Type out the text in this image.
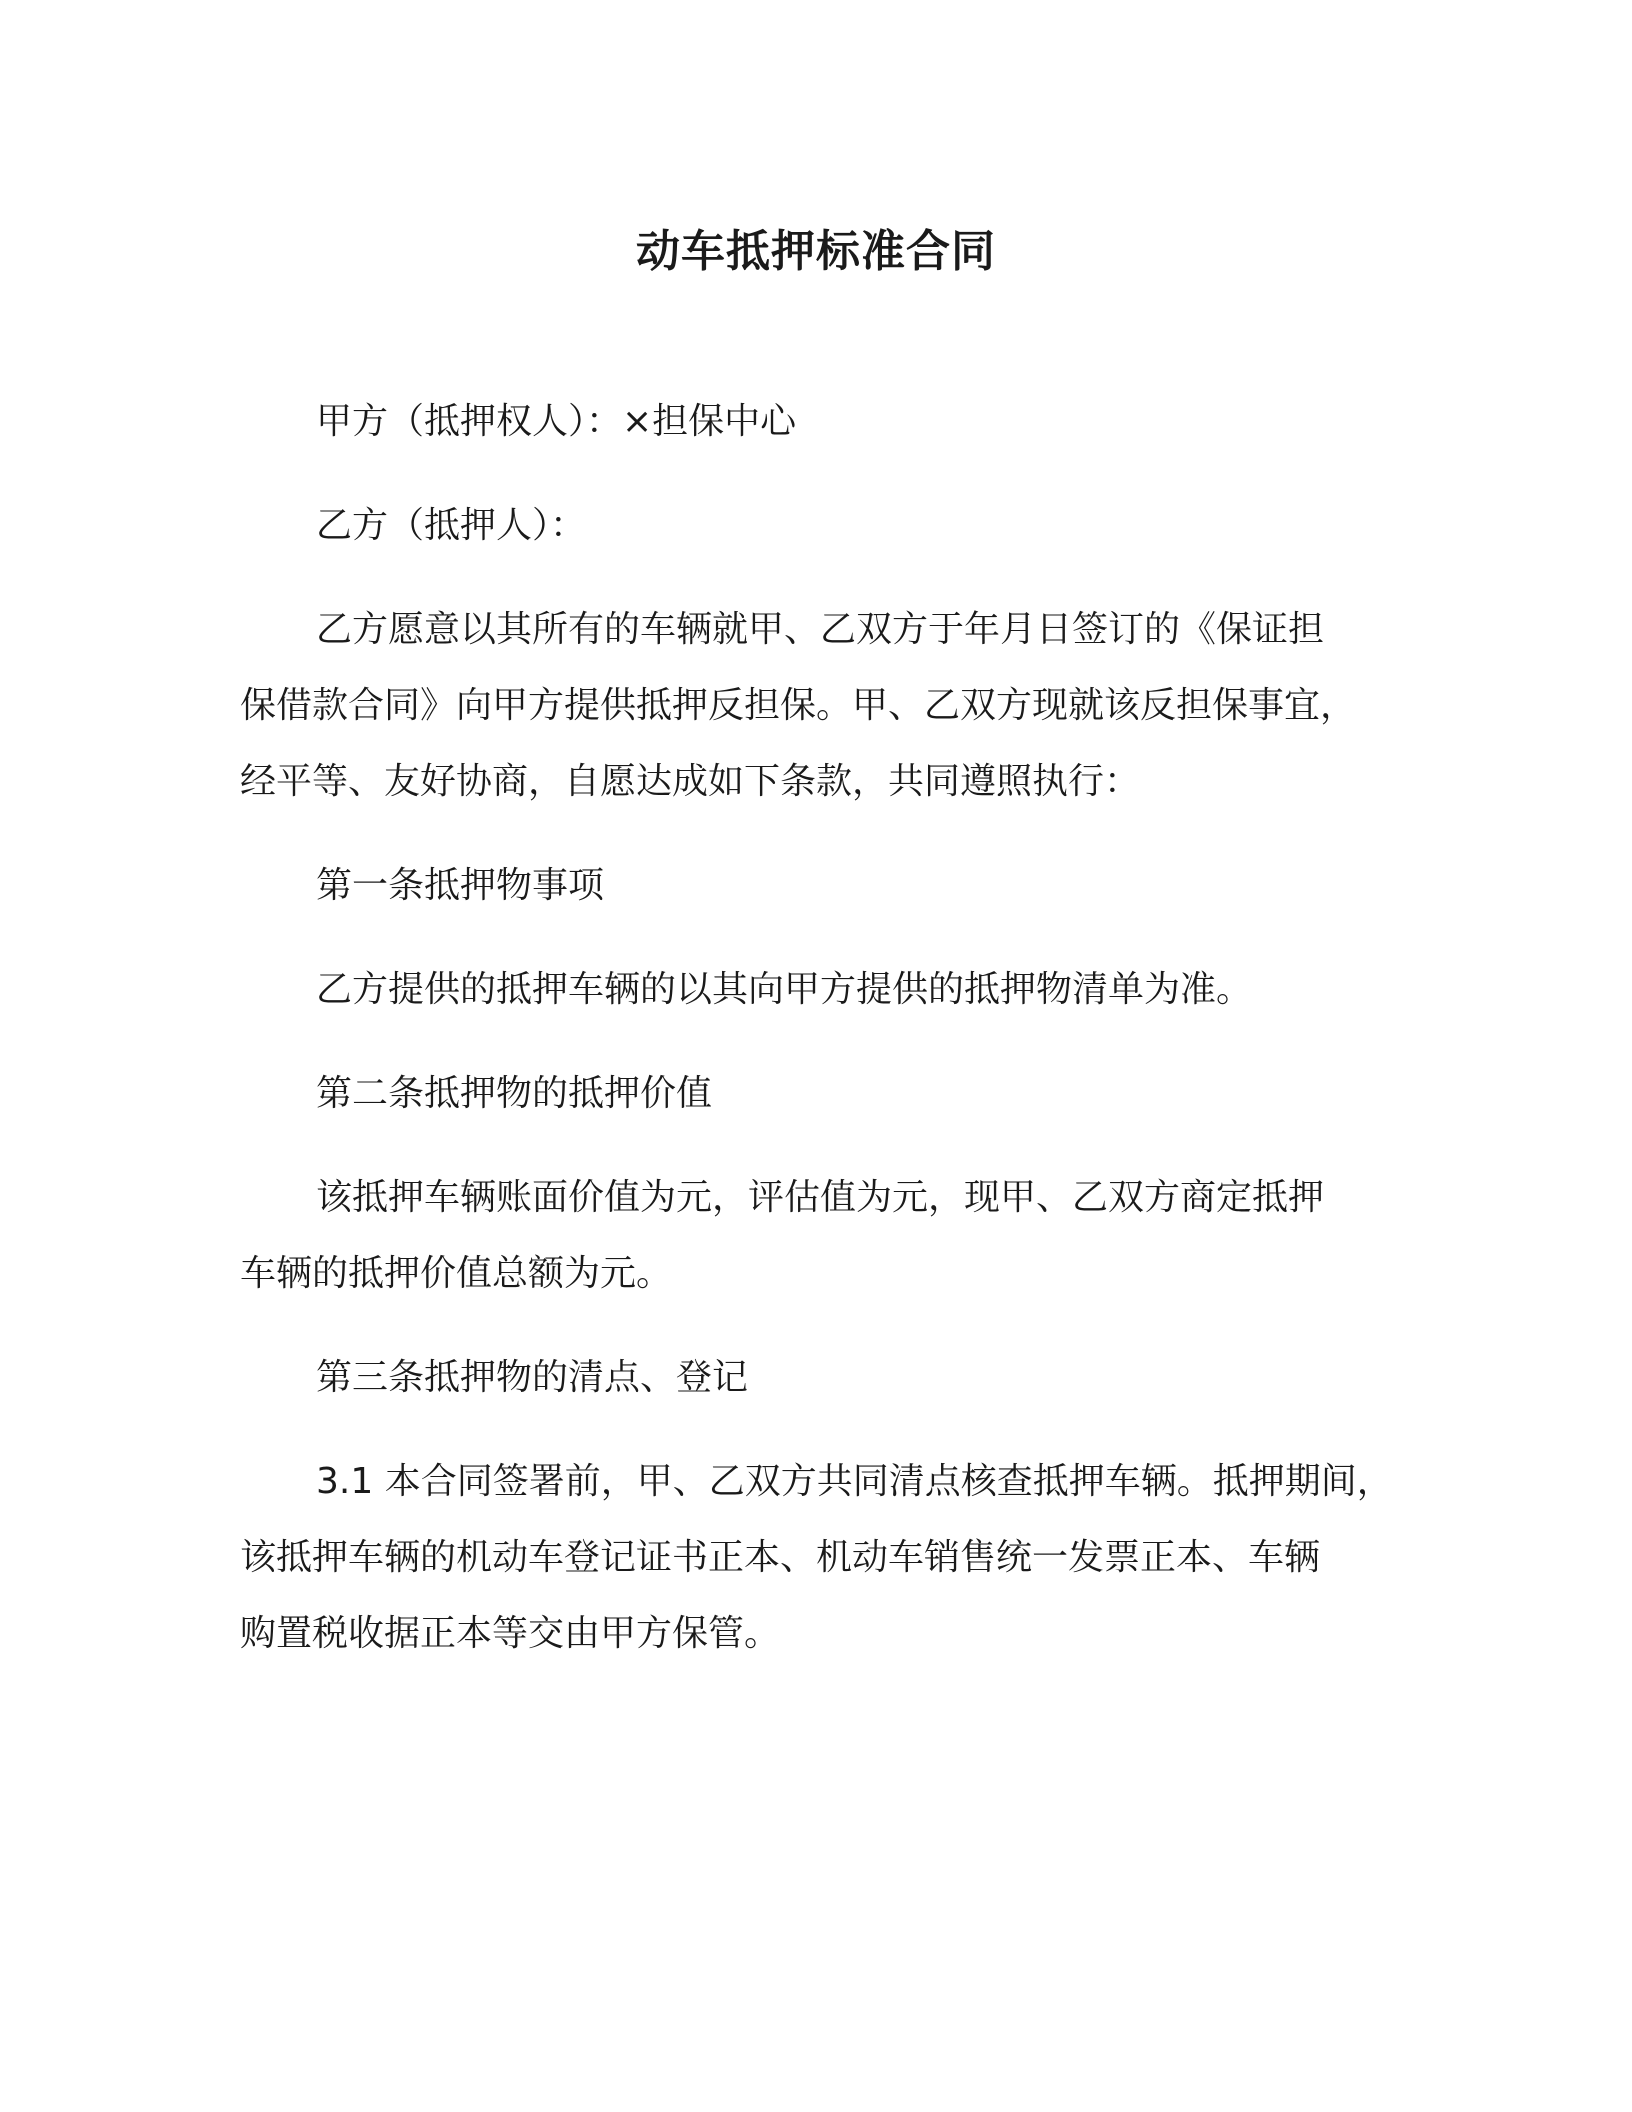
动车抵押标准合同
甲方（抵押权人）：×担保中心
乙方（抵押人）：
乙方愿意以其所有的车辆就甲、乙双方于年月日签订的《保证担
保借款合同》向甲方提供抵押反担保。甲、乙双方现就该反担保事宜，
经平等、友好协商，自愿达成如下条款，共同遵照执行：
第一条抵押物事项
乙方提供的抵押车辆的以其向甲方提供的抵押物清单为准。
第二条抵押物的抵押价值
该抵押车辆账面价值为元，评估值为元，现甲、乙双方商定抵押
车辆的抵押价值总额为元。
第三条抵押物的清点、登记
3.1 本合同签署前，甲、乙双方共同清点核查抵押车辆。抵押期间，
该抵押车辆的机动车登记证书正本、机动车销售统一发票正本、车辆
购置税收据正本等交由甲方保管。
